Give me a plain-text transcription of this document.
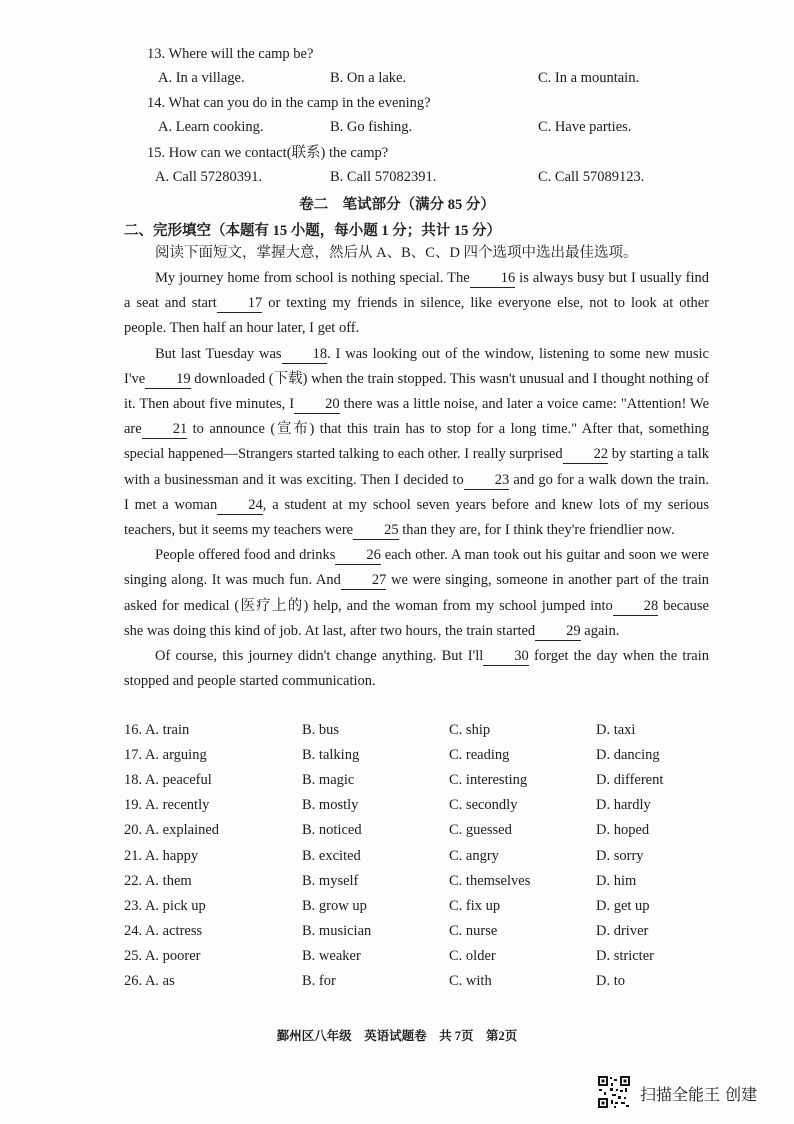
13. Where will the camp be?
A. In a village.	B. On a lake.	C. In a mountain.
14. What can you do in the camp in the evening?
A. Learn cooking.	B. Go fishing.	C. Have parties.
15. How can we contact(联系) the camp?
A. Call 57280391.	B. Call 57082391.	C. Call 57089123.
卷二　笔试部分（满分 85 分）
二、完形填空（本题有 15 小题，每小题 1 分；共计 15 分）
阅读下面短文，掌握大意，然后从 A、B、C、D 四个选项中选出最佳选项。

My journey home from school is nothing special. The 16 is always busy but I usually find a seat and start 17 or texting my friends in silence, like everyone else, not to look at other people. Then half an hour later, I get off.

But last Tuesday was 18. I was looking out of the window, listening to some new music I've 19 downloaded (下载) when the train stopped. This wasn't unusual and I thought nothing of it. Then about five minutes, I 20 there was a little noise, and later a voice came: "Attention! We are 21 to announce (宣布) that this train has to stop for a long time." After that, something special happened—Strangers started talking to each other. I really surprised 22 by starting a talk with a businessman and it was exciting. Then I decided to 23 and go for a walk down the train. I met a woman 24, a student at my school seven years before and knew lots of my serious teachers, but it seems my teachers were 25 than they are, for I think they're friendlier now.

People offered food and drinks 26 each other. A man took out his guitar and soon we were singing along. It was much fun. And 27 we were singing, someone in another part of the train asked for medical (医疗上的) help, and the woman from my school jumped into 28 because she was doing this kind of job. At last, after two hours, the train started 29 again.

Of course, this journey didn't change anything. But I'll 30 forget the day when the train stopped and people started communication.

16. A. train	B. bus	C. ship	D. taxi
17. A. arguing	B. talking	C. reading	D. dancing
18. A. peaceful	B. magic	C. interesting	D. different
19. A. recently	B. mostly	C. secondly	D. hardly
20. A. explained	B. noticed	C. guessed	D. hoped
21. A. happy	B. excited	C. angry	D. sorry
22. A. them	B. myself	C. themselves	D. him
23. A. pick up	B. grow up	C. fix up	D. get up
24. A. actress	B. musician	C. nurse	D. driver
25. A. poorer	B. weaker	C. older	D. stricter
26. A. as	B. for	C. with	D. to
鄞州区八年级　英语试题卷　共 7页　第2页
扫描全能王 创建
